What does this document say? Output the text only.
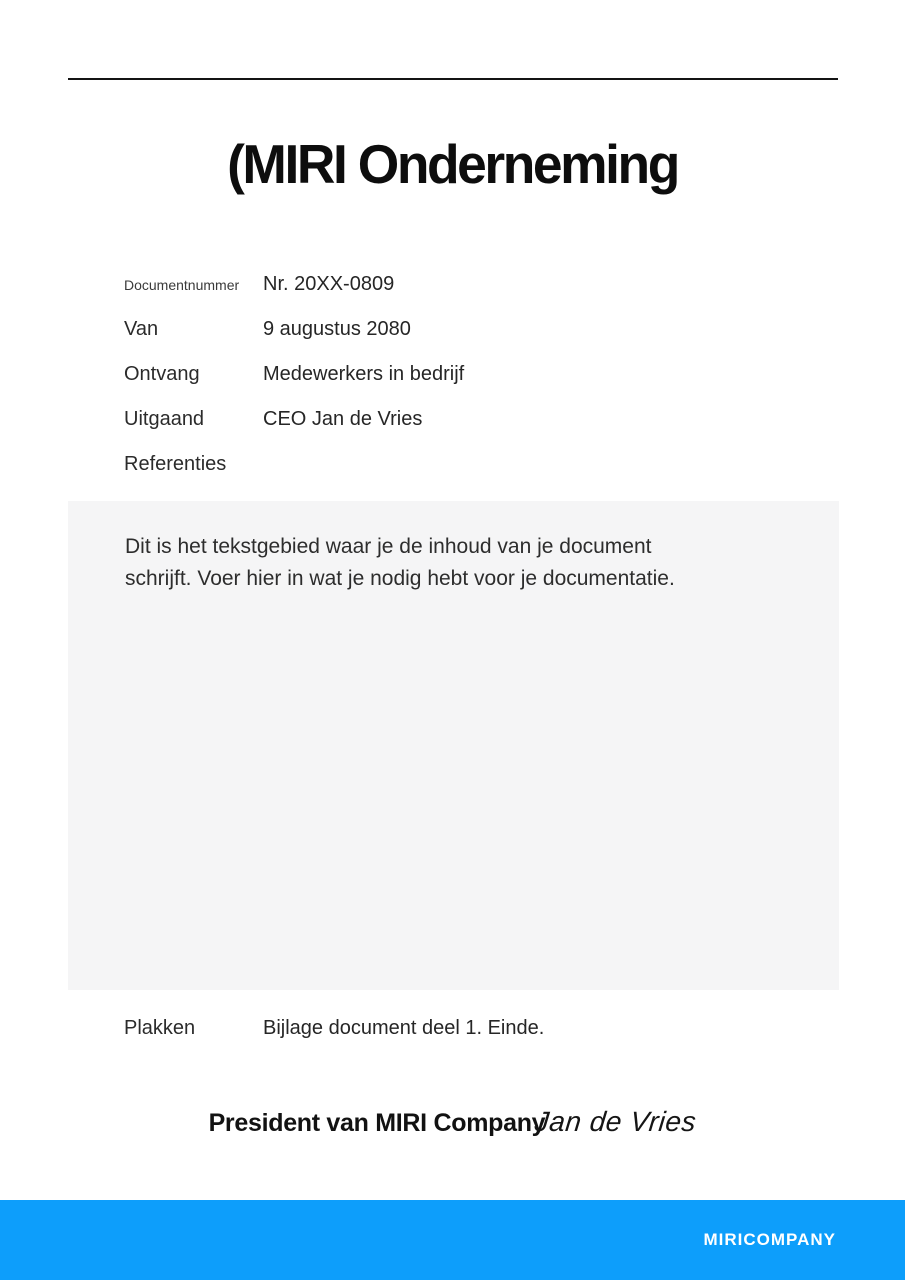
(MIRI Onderneming
Documentnummer Nr. 20XX-0809
Van	9 augustus 2080
Ontvang	Medewerkers in bedrijf
Uitgaand	CEO Jan de Vries
Referenties

Dit is het tekstgebied waar je de inhoud van je document schrijft. Voer hier in wat je nodig hebt voor je documentatie.

Plakken	Bijlage document deel 1. Einde.
President van MIRI Company
Jan de Vries
MIRICOMPANY
